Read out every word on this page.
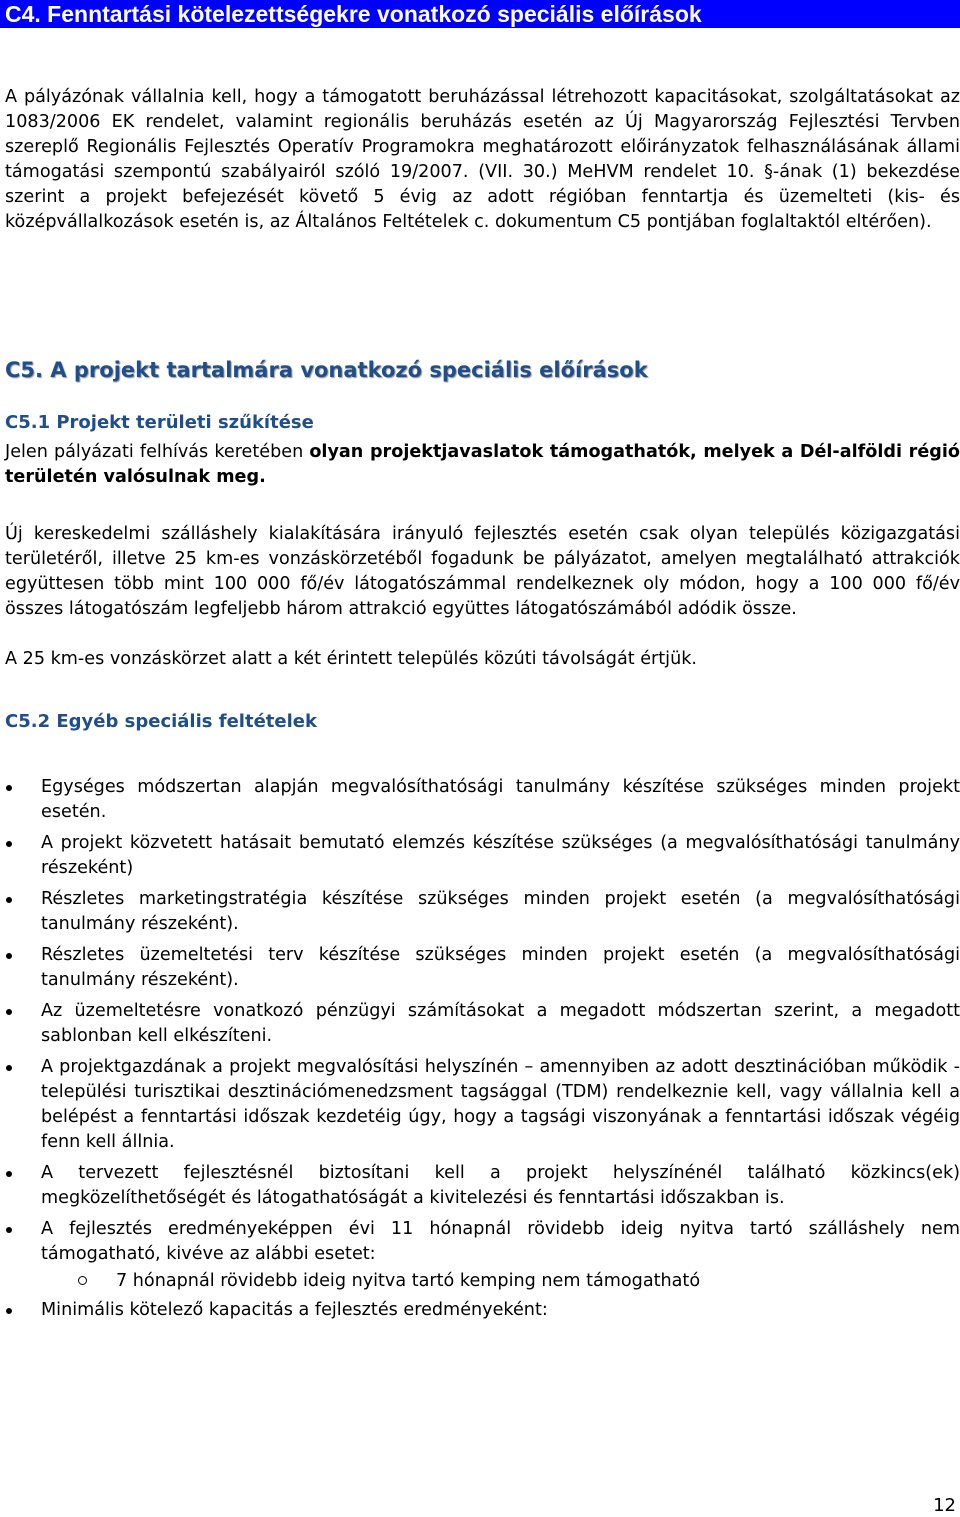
C4. Fenntartási kötelezettségekre vonatkozó speciális előírások

A pályázónak vállalnia kell, hogy a támogatott beruházással létrehozott kapacitásokat, szolgáltatásokat az 1083/2006 EK rendelet, valamint regionális beruházás esetén az Új Magyarország Fejlesztési Tervben szereplő Regionális Fejlesztés Operatív Programokra meghatározott előirányzatok felhasználásának állami támogatási szempontú szabályairól szóló 19/2007. (VII. 30.) MeHVM rendelet 10. §-ának (1) bekezdése szerint a projekt befejezését követő 5 évig az adott régióban fenntartja és üzemelteti (kis- és középvállalkozások esetén is, az Általános Feltételek c. dokumentum C5 pontjában foglaltaktól eltérően).

C5. A projekt tartalmára vonatkozó speciális előírások
C5.1 Projekt területi szűkítése

Jelen pályázati felhívás keretében olyan projektjavaslatok támogathatók, melyek a Dél-alföldi régió területén valósulnak meg.

Új kereskedelmi szálláshely kialakítására irányuló fejlesztés esetén csak olyan település közigazgatási területéről, illetve 25 km-es vonzáskörzetéből fogadunk be pályázatot, amelyen megtalálható attrakciók együttesen több mint 100 000 fő/év látogatószámmal rendelkeznek oly módon, hogy a 100 000 fő/év összes látogatószám legfeljebb három attrakció együttes látogatószámából adódik össze.

A 25 km-es vonzáskörzet alatt a két érintett település közúti távolságát értjük.

C5.2 Egyéb speciális feltételek
Egységes módszertan alapján megvalósíthatósági tanulmány készítése szükséges minden projekt esetén.
A projekt közvetett hatásait bemutató elemzés készítése szükséges (a megvalósíthatósági tanulmány részeként)
Részletes marketingstratégia készítése szükséges minden projekt esetén (a megvalósíthatósági tanulmány részeként).
Részletes üzemeltetési terv készítése szükséges minden projekt esetén (a megvalósíthatósági tanulmány részeként).
Az üzemeltetésre vonatkozó pénzügyi számításokat a megadott módszertan szerint, a megadott sablonban kell elkészíteni.
A projektgazdának a projekt megvalósítási helyszínén – amennyiben az adott desztinációban működik - települési turisztikai desztinációmenedzsment tagsággal (TDM) rendelkeznie kell, vagy vállalnia kell a belépést a fenntartási időszak kezdetéig úgy, hogy a tagsági viszonyának a fenntartási időszak végéig fenn kell állnia.
A tervezett fejlesztésnél biztosítani kell a projekt helyszínénél található közkincs(ek) megközelíthetőségét és látogathatóságát a kivitelezési és fenntartási időszakban is.
A fejlesztés eredményeképpen évi 11 hónapnál rövidebb ideig nyitva tartó szálláshely nem támogatható, kivéve az alábbi esetet:
7 hónapnál rövidebb ideig nyitva tartó kemping nem támogatható
Minimális kötelező kapacitás a fejlesztés eredményeként:
12
